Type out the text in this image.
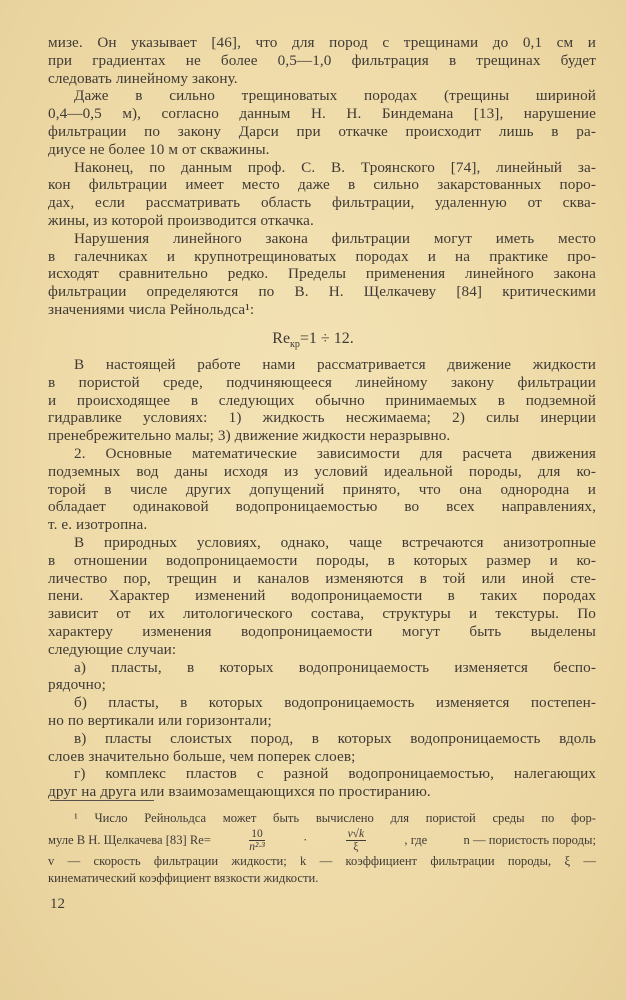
мизе. Он указывает [46], что для пород с трещинами до 0,1 см и
при градиентах не более 0,5—1,0 фильтрация в трещинах будет
следовать линейному закону.
Даже в сильно трещиноватых породах (трещины шириной
0,4—0,5 м), согласно данным Н. Н. Биндемана [13], нарушение
фильтрации по закону Дарси при откачке происходит лишь в ра-
диусе не более 10 м от скважины.
Наконец, по данным проф. С. В. Троянского [74], линейный за-
кон фильтрации имеет место даже в сильно закарстованных поро-
дах, если рассматривать область фильтрации, удаленную от сква-
жины, из которой производится откачка.
Нарушения линейного закона фильтрации могут иметь место
в галечниках и крупнотрещиноватых породах и на практике про-
исходят сравнительно редко. Пределы применения линейного закона
фильтрации определяются по В. Н. Щелкачеву [84] критическими
значениями числа Рейнольдса¹:
$Re_{кр}=1 \div 12$.
В настоящей работе нами рассматривается движение жидкости
в пористой среде, подчиняющееся линейному закону фильтрации
и происходящее в следующих обычно принимаемых в подземной
гидравлике условиях: 1) жидкость несжимаема; 2) силы инерции
пренебрежительно малы; 3) движение жидкости неразрывно.
2. Основные математические зависимости для расчета движения
подземных вод даны исходя из условий идеальной породы, для ко-
торой в числе других допущений принято, что она однородна и
обладает одинаковой водопроницаемостью во всех направлениях,
т. е. изотропна.
В природных условиях, однако, чаще встречаются анизотропные
в отношении водопроницаемости породы, в которых размер и ко-
личество пор, трещин и каналов изменяются в той или иной сте-
пени. Характер изменений водопроницаемости в таких породах
зависит от их литологического состава, структуры и текстуры. По
характеру изменения водопроницаемости могут быть выделены
следующие случаи:
а) пласты, в которых водопроницаемость изменяется беспо-
рядочно;
б) пласты, в которых водопроницаемость изменяется постепен-
но по вертикали или горизонтали;
в) пласты слоистых пород, в которых водопроницаемость вдоль
слоев значительно больше, чем поперек слоев;
г) комплекс пластов с разной водопроницаемостью, налегающих
друг на друга или взаимозамещающихся по простиранию.
¹ Число Рейнольдса может быть вычислено для пористой среды по фор-
муле В Н. Щелкачева [83] Re=	$\frac{10}{\text{n²·³}}$	·	$\frac{v√k}{\xi}$	, где	n — пористость породы;
v — скорость фильтрации жидкости; k — коэффициент фильтрации породы, ξ —
кинематический коэффициент вязкости жидкости.
12
